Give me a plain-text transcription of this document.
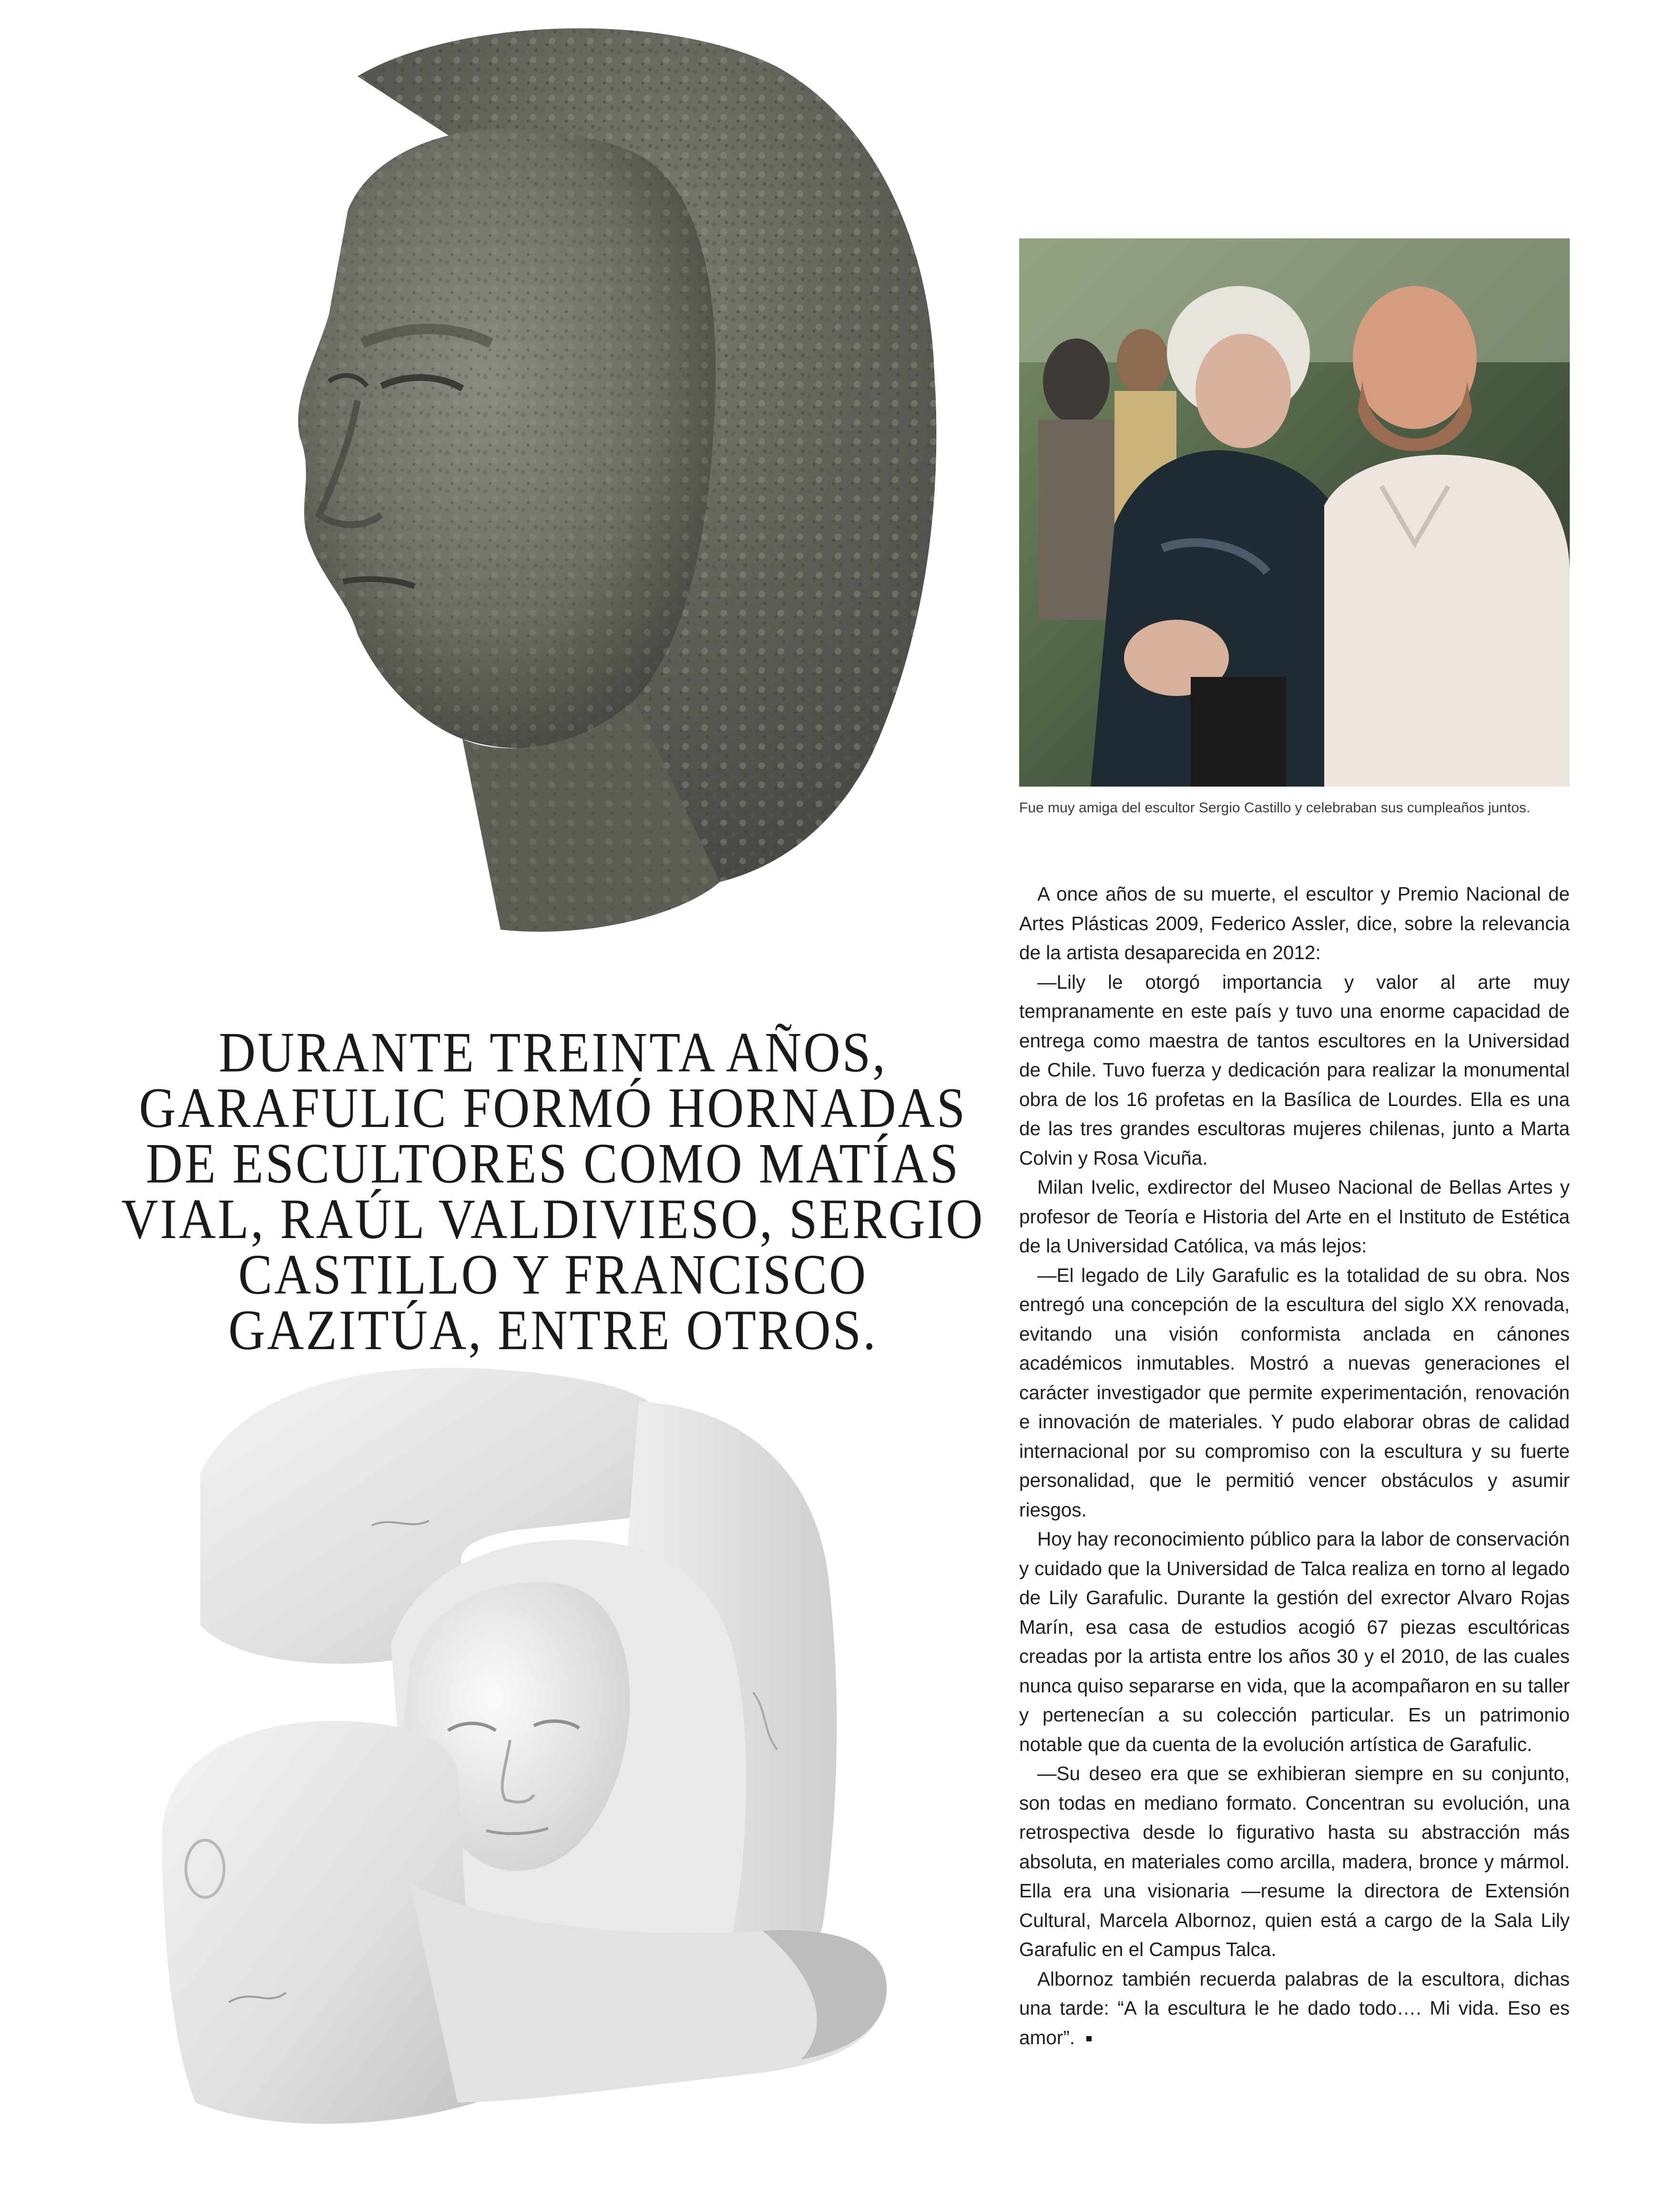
DURANTE TREINTA AÑOS, GARAFULIC FORMÓ HORNADAS DE ESCULTORES COMO MATÍAS VIAL, RAÚL VALDIVIESO, SERGIO CASTILLO Y FRANCISCO GAZITÚA, ENTRE OTROS.
Fue muy amiga del escultor Sergio Castillo y celebraban sus cumpleaños juntos.

A once años de su muerte, el escultor y Premio Nacional de Artes Plásticas 2009, Federico Assler, dice, sobre la relevancia de la artista desaparecida en 2012:

—Lily le otorgó importancia y valor al arte muy tempranamente en este país y tuvo una enorme capacidad de entrega como maestra de tantos escultores en la Universidad de Chile. Tuvo fuerza y dedicación para realizar la monumental obra de los 16 profetas en la Basílica de Lourdes. Ella es una de las tres grandes escultoras mujeres chilenas, junto a Marta Colvin y Rosa Vicuña.

Milan Ivelic, exdirector del Museo Nacional de Bellas Artes y profesor de Teoría e Historia del Arte en el Instituto de Estética de la Universidad Católica, va más lejos:

—El legado de Lily Garafulic es la totalidad de su obra. Nos entregó una concepción de la escultura del siglo XX renovada, evitando una visión conformista anclada en cánones académicos inmutables. Mostró a nuevas generaciones el carácter investigador que permite experimentación, renovación e innovación de materiales. Y pudo elaborar obras de calidad internacional por su compromiso con la escultura y su fuerte personalidad, que le permitió vencer obstáculos y asumir riesgos.

Hoy hay reconocimiento público para la labor de conservación y cuidado que la Universidad de Talca realiza en torno al legado de Lily Garafulic. Durante la gestión del exrector Alvaro Rojas Marín, esa casa de estudios acogió 67 piezas escultóricas creadas por la artista entre los años 30 y el 2010, de las cuales nunca quiso separarse en vida, que la acompañaron en su taller y pertenecían a su colección particular. Es un patrimonio notable que da cuenta de la evolución artística de Garafulic.

—Su deseo era que se exhibieran siempre en su conjunto, son todas en mediano formato. Concentran su evolución, una retrospectiva desde lo figurativo hasta su abstracción más absoluta, en materiales como arcilla, madera, bronce y mármol. Ella era una visionaria —resume la directora de Extensión Cultural, Marcela Albornoz, quien está a cargo de la Sala Lily Garafulic en el Campus Talca.

Albornoz también recuerda palabras de la escultora, dichas una tarde: “A la escultura le he dado todo…. Mi vida. Eso es amor”.
